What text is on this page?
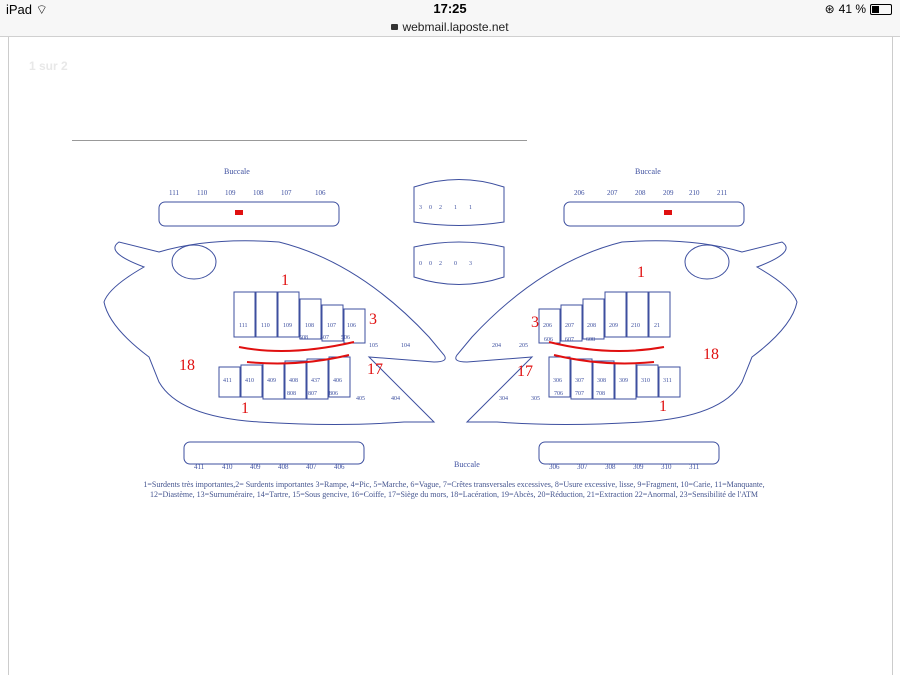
iPad ⌔	17:25	⊛ 41 %
webmail.laposte.net
1 sur 2
Buccale	Buccale
Buccale
111	110	109	108	107	106	206	207	208	209 210	211
411	410	409	408	407	406	306	307	308	309	310	311
111 110 109 108 107 106
508 507 506
411 410 409 408 437 406
808 807 806
105	104
405	404
206 207 208 209 210 21
606 607 608
306 307 308 309 310 311
706 707 708
204	205
304	305
3 0 2 1 1
0 0 2 0 3
1
1
3
18	17
1
1
3
18
17
1=Surdents très importantes,2= Surdents importantes 3=Rampe, 4=Pic, 5=Marche, 6=Vague, 7=Crêtes transversales excessives, 8=Usure excessive, lisse, 9=Fragment, 10=Carie, 11=Manquante,
12=Diastème, 13=Surnuméraire, 14=Tartre, 15=Sous gencive, 16=Coiffe, 17=Siège du mors, 18=Lacération, 19=Abcès, 20=Réduction, 21=Extraction 22=Anormal, 23=Sensibilité de l'ATM
